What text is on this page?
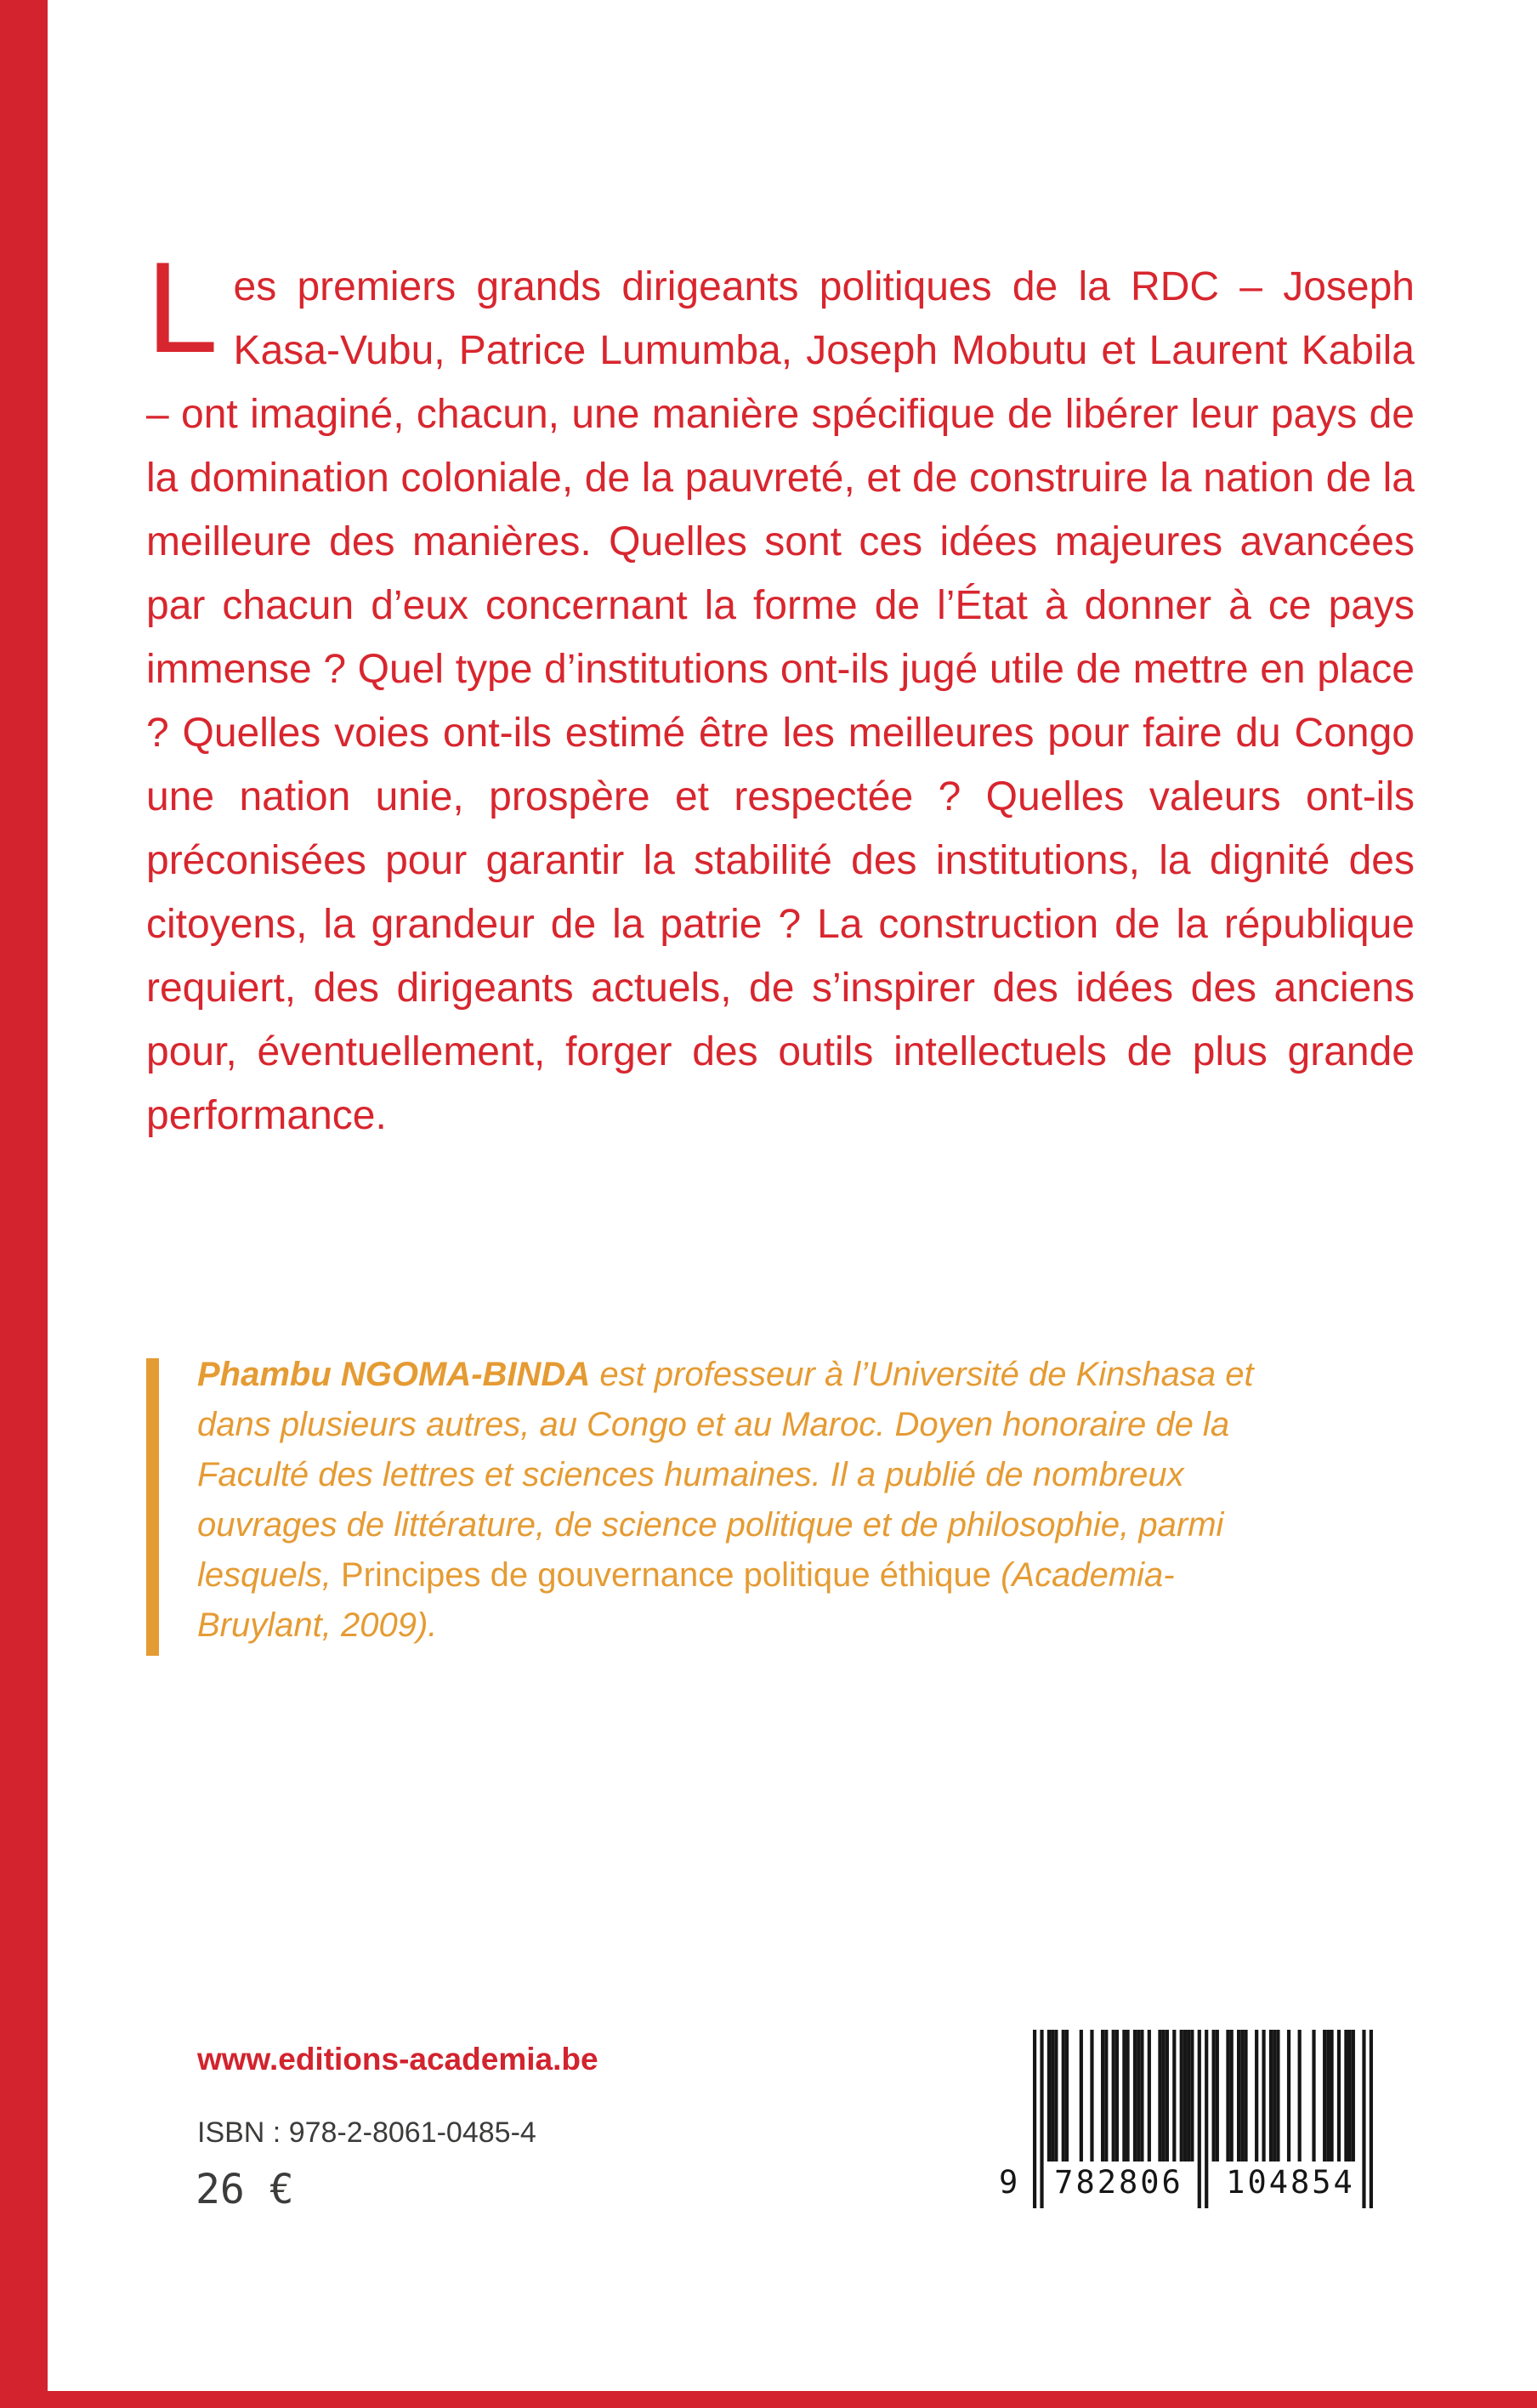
Les premiers grands dirigeants politiques de la RDC – Joseph Kasa-Vubu, Patrice Lumumba, Joseph Mobutu et Laurent Kabila – ont imaginé, chacun, une manière spécifique de libérer leur pays de la domination coloniale, de la pauvreté, et de construire la nation de la meilleure des manières. Quelles sont ces idées majeures avancées par chacun d’eux concernant la forme de l’État à donner à ce pays immense ? Quel type d’institutions ont-ils jugé utile de mettre en place ? Quelles voies ont-ils estimé être les meilleures pour faire du Congo une nation unie, prospère et respectée ? Quelles valeurs ont-ils préconisées pour garantir la stabilité des institutions, la dignité des citoyens, la grandeur de la patrie ? La construction de la république requiert, des dirigeants actuels, de s’inspirer des idées des anciens pour, éventuellement, forger des outils intellectuels de plus grande performance.

Phambu NGOMA-BINDA est professeur à l’Université de Kinshasa et dans plusieurs autres, au Congo et au Maroc. Doyen honoraire de la Faculté des lettres et sciences humaines. Il a publié de nombreux ouvrages de littérature, de science politique et de philosophie, parmi lesquels, Principes de gouvernance politique éthique (Academia-Bruylant, 2009).

www.editions-academia.be
ISBN : 978-2-8061-0485-4
26 €	9	782806	104854
